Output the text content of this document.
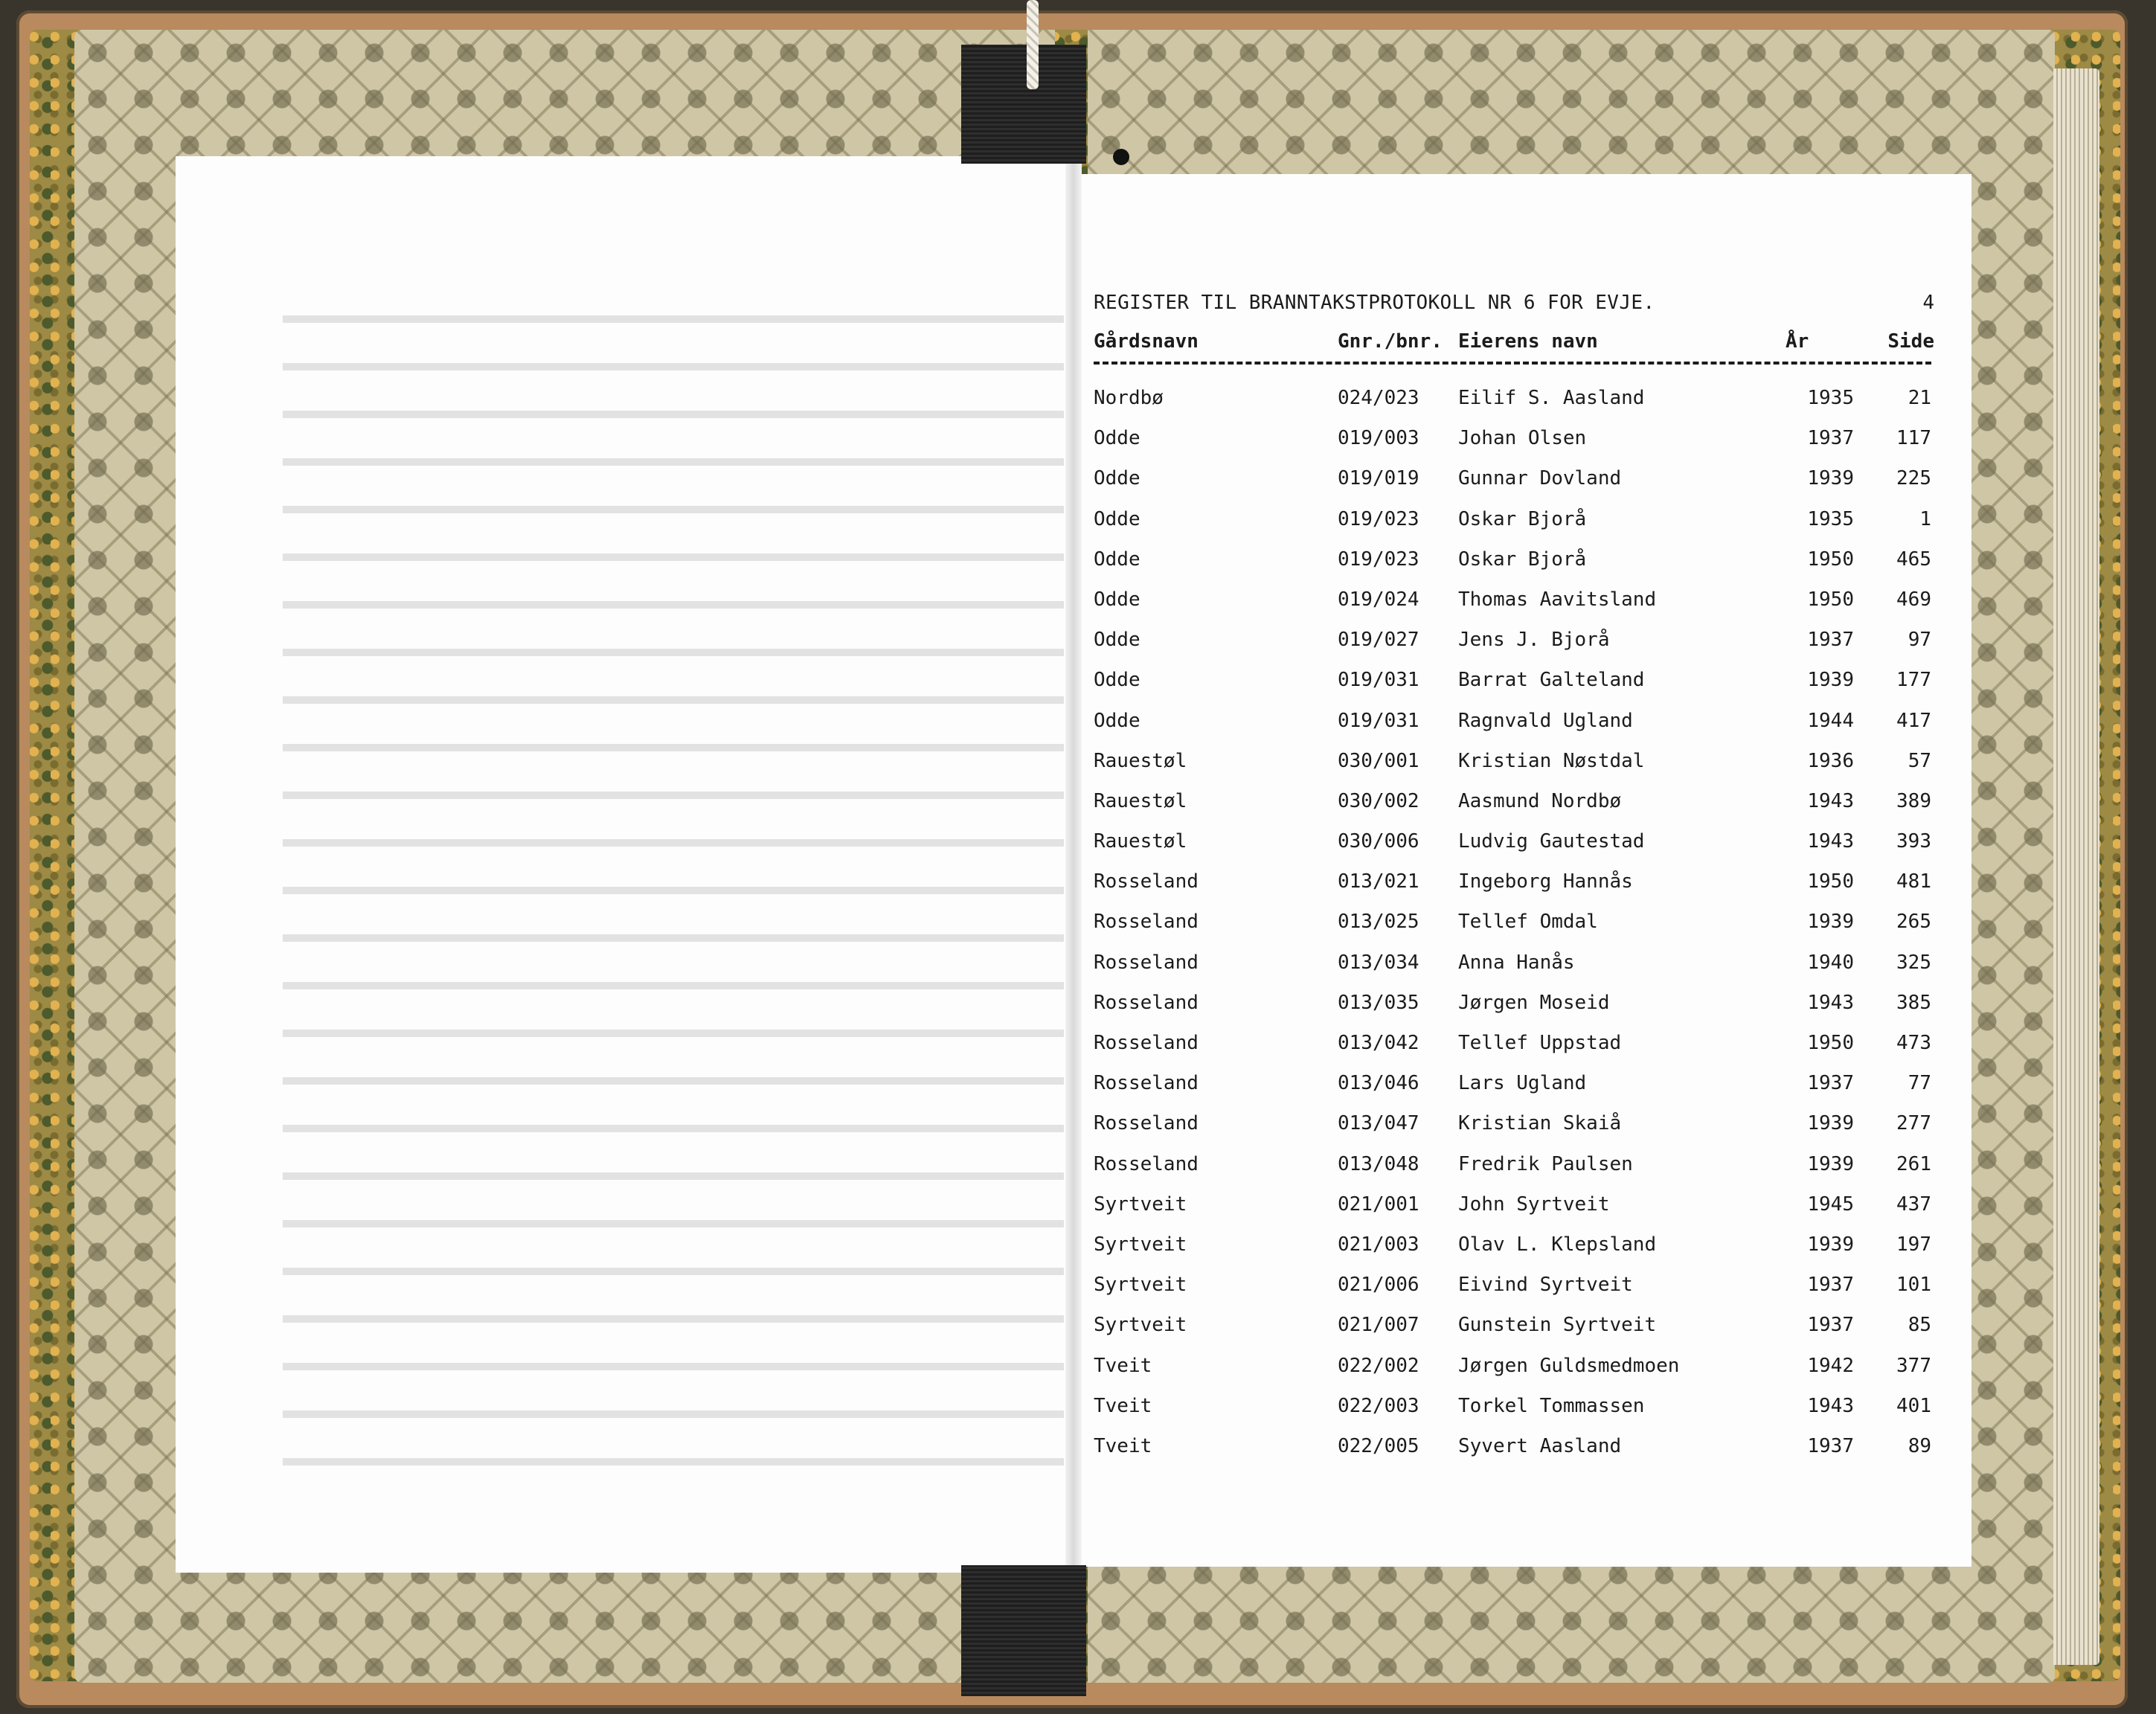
REGISTER TIL BRANNTAKSTPROTOKOLL NR 6 FOR EVJE.	4
Gårdsnavn	Gnr./bnr. Eierens navn	År	Side
Nordbø	024/023 Eilif S. Aasland	1935	21
Odde	019/003 Johan Olsen	1937	117
Odde	019/019 Gunnar Dovland	1939	225
Odde	019/023 Oskar Bjorå	1935	1
Odde	019/023 Oskar Bjorå	1950	465
Odde	019/024 Thomas Aavitsland	1950	469
Odde	019/027 Jens J. Bjorå	1937	97
Odde	019/031 Barrat Galteland	1939	177
Odde	019/031 Ragnvald Ugland	1944	417
Rauestøl	030/001 Kristian Nøstdal	1936	57
Rauestøl	030/002 Aasmund Nordbø	1943	389
Rauestøl	030/006 Ludvig Gautestad	1943	393
Rosseland	013/021 Ingeborg Hannås	1950	481
Rosseland	013/025 Tellef Omdal	1939	265
Rosseland	013/034 Anna Hanås	1940	325
Rosseland	013/035 Jørgen Moseid	1943	385
Rosseland	013/042 Tellef Uppstad	1950	473
Rosseland	013/046 Lars Ugland	1937	77
Rosseland	013/047 Kristian Skaiå	1939	277
Rosseland	013/048 Fredrik Paulsen	1939	261
Syrtveit	021/001 John Syrtveit	1945	437
Syrtveit	021/003 Olav L. Klepsland	1939	197
Syrtveit	021/006 Eivind Syrtveit	1937	101
Syrtveit	021/007 Gunstein Syrtveit	1937	85
Tveit	022/002 Jørgen Guldsmedmoen	1942	377
Tveit	022/003 Torkel Tommassen	1943	401
Tveit	022/005 Syvert Aasland	1937	89
